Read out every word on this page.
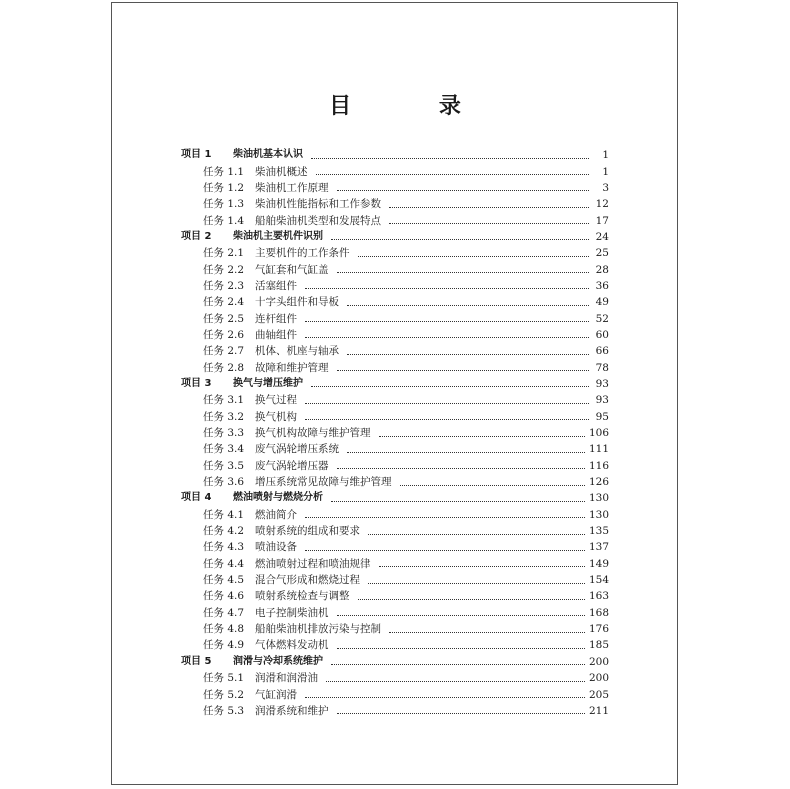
目 录
项目 1	柴油机基本认识	1
任务 1.1	柴油机概述	1
任务 1.2	柴油机工作原理	3
任务 1.3	柴油机性能指标和工作参数	12
任务 1.4	船舶柴油机类型和发展特点	17
项目 2	柴油机主要机件识别	24
任务 2.1	主要机件的工作条件	25
任务 2.2	气缸套和气缸盖	28
任务 2.3	活塞组件	36
任务 2.4	十字头组件和导板	49
任务 2.5	连杆组件	52
任务 2.6	曲轴组件	60
任务 2.7	机体、机座与轴承	66
任务 2.8	故障和维护管理	78
项目 3	换气与增压维护	93
任务 3.1	换气过程	93
任务 3.2	换气机构	95
任务 3.3	换气机构故障与维护管理	106
任务 3.4	废气涡轮增压系统	111
任务 3.5	废气涡轮增压器	116
任务 3.6	增压系统常见故障与维护管理	126
项目 4	燃油喷射与燃烧分析	130
任务 4.1	燃油简介	130
任务 4.2	喷射系统的组成和要求	135
任务 4.3	喷油设备	137
任务 4.4	燃油喷射过程和喷油规律	149
任务 4.5	混合气形成和燃烧过程	154
任务 4.6	喷射系统检查与调整	163
任务 4.7	电子控制柴油机	168
任务 4.8	船舶柴油机排放污染与控制	176
任务 4.9	气体燃料发动机	185
项目 5	润滑与冷却系统维护	200
任务 5.1	润滑和润滑油	200
任务 5.2	气缸润滑	205
任务 5.3	润滑系统和维护	211
